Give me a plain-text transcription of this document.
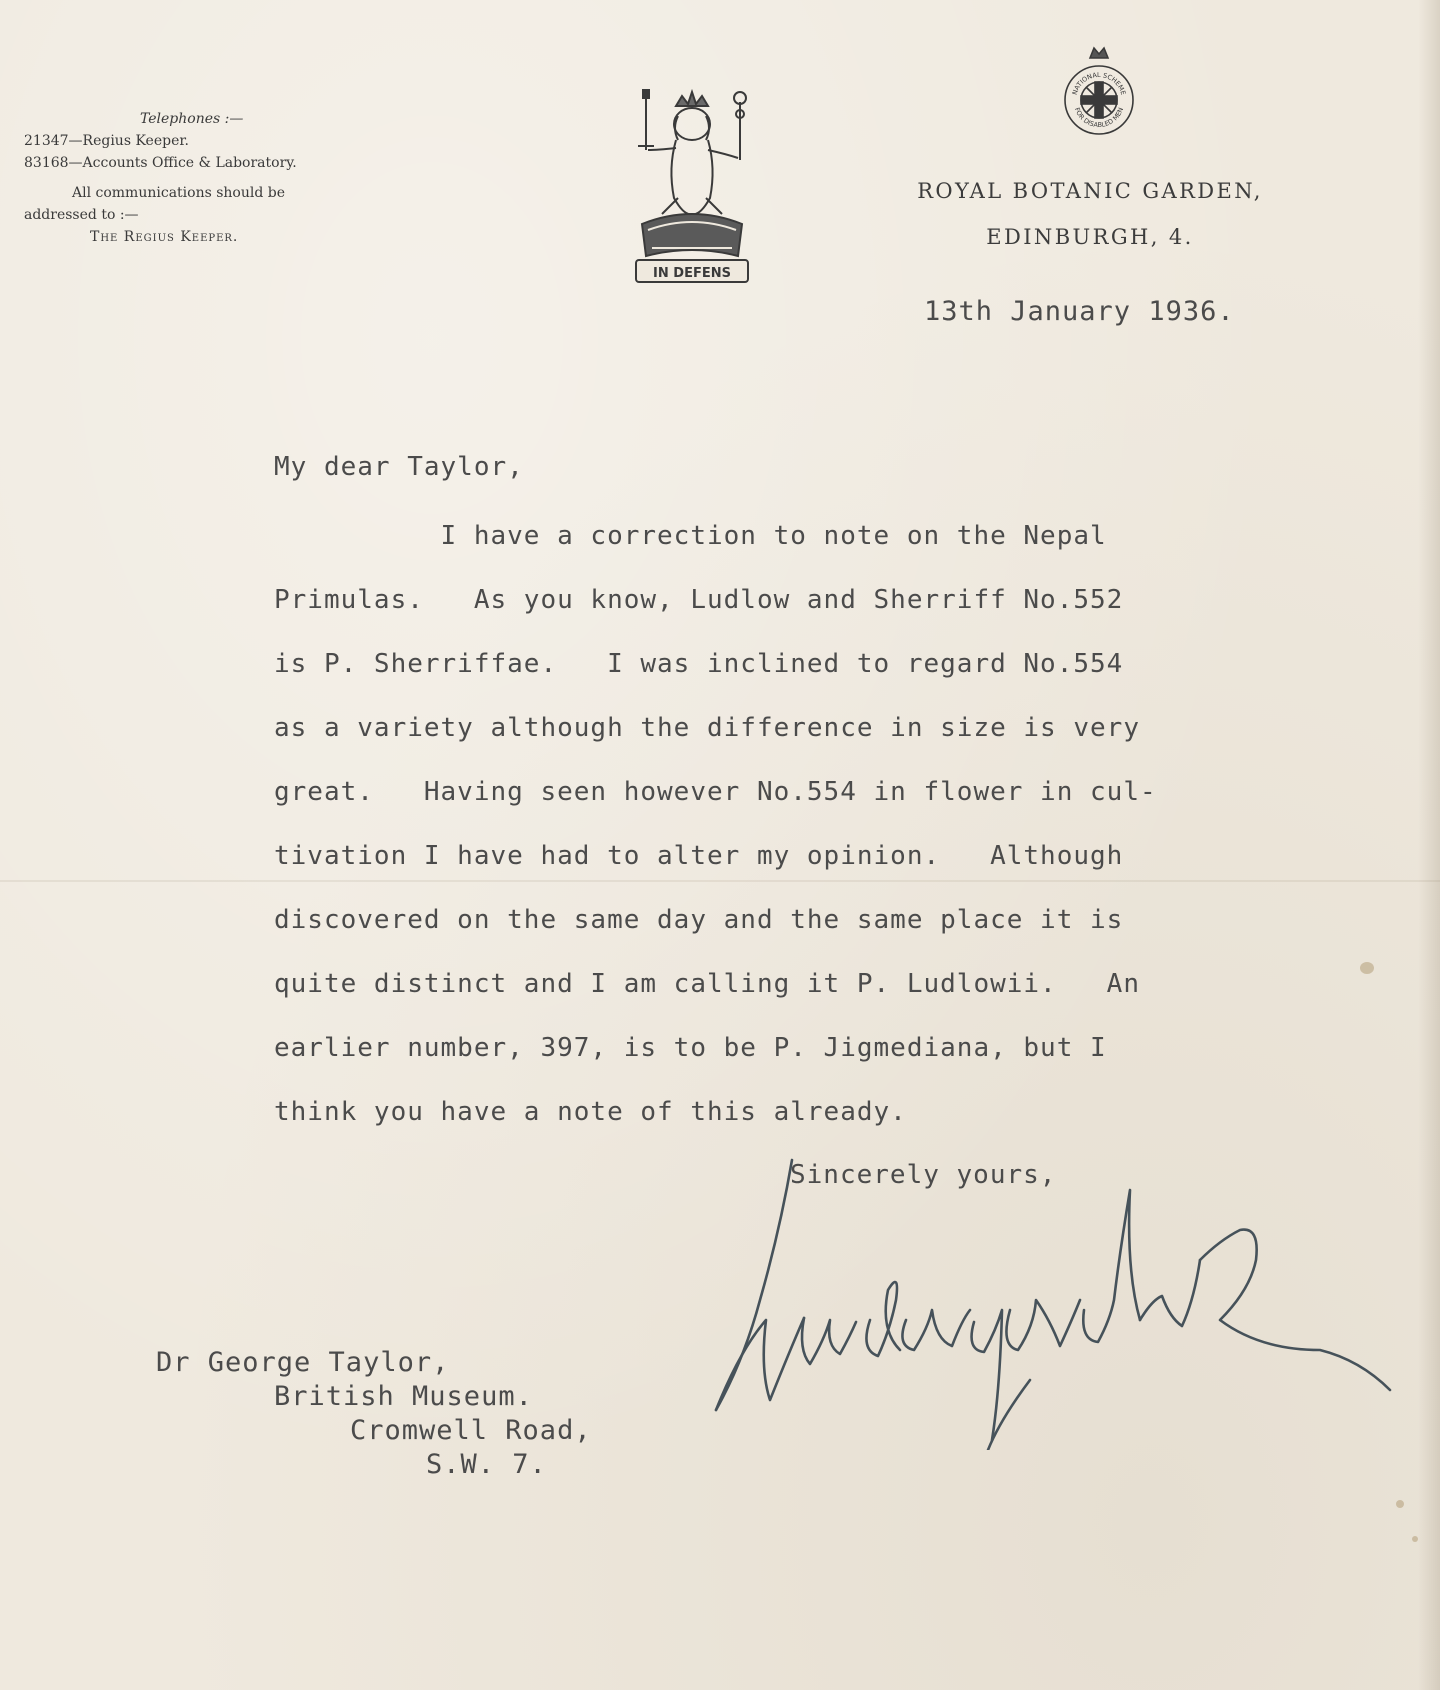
Telephones :—
21347—Regius Keeper.
83168—Accounts Office & Laboratory.
All communications should be
addressed to :—
The Regius Keeper.
IN DEFENS
NATIONAL SCHEME
FOR DISABLED MEN
ROYAL BOTANIC GARDEN,
EDINBURGH, 4.
13th January 1936.
My dear Taylor,
I have a correction to note on the Nepal
Primulas.   As you know, Ludlow and Sherriff No.552
is P. Sherriffae.   I was inclined to regard No.554
as a variety although the difference in size is very
great.   Having seen however No.554 in flower in cul-
tivation I have had to alter my opinion.   Although
discovered on the same day and the same place it is
quite distinct and I am calling it P. Ludlowii.   An
earlier number, 397, is to be P. Jigmediana, but I
think you have a note of this already.
Sincerely yours,
Dr George Taylor,
British Museum.
Cromwell Road,
S.W. 7.
